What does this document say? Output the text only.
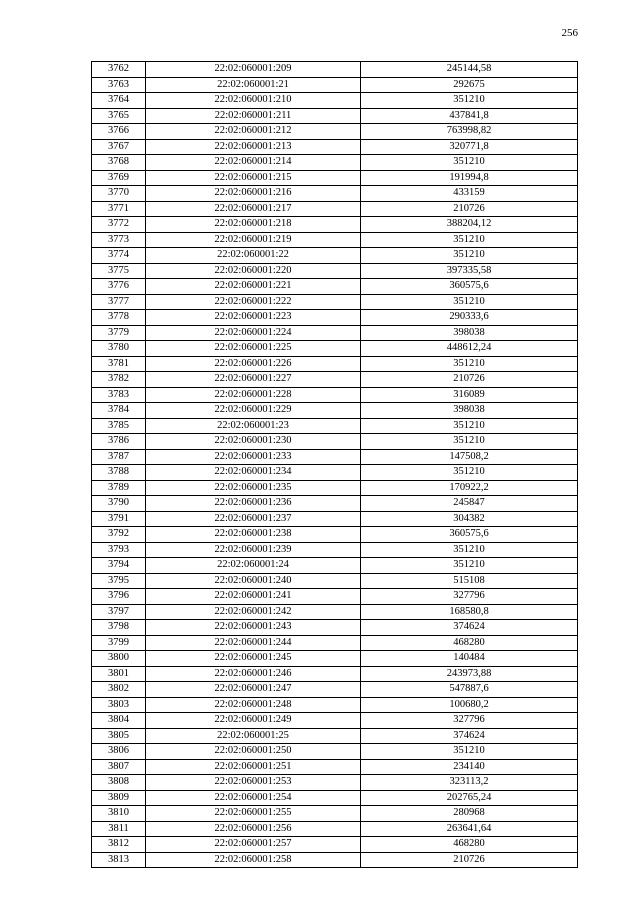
256
3762	22:02:060001:209	245144,58
3763	22:02:060001:21	292675
3764	22:02:060001:210	351210
3765	22:02:060001:211	437841,8
3766	22:02:060001:212	763998,82
3767	22:02:060001:213	320771,8
3768	22:02:060001:214	351210
3769	22:02:060001:215	191994,8
3770	22:02:060001:216	433159
3771	22:02:060001:217	210726
3772	22:02:060001:218	388204,12
3773	22:02:060001:219	351210
3774	22:02:060001:22	351210
3775	22:02:060001:220	397335,58
3776	22:02:060001:221	360575,6
3777	22:02:060001:222	351210
3778	22:02:060001:223	290333,6
3779	22:02:060001:224	398038
3780	22:02:060001:225	448612,24
3781	22:02:060001:226	351210
3782	22:02:060001:227	210726
3783	22:02:060001:228	316089
3784	22:02:060001:229	398038
3785	22:02:060001:23	351210
3786	22:02:060001:230	351210
3787	22:02:060001:233	147508,2
3788	22:02:060001:234	351210
3789	22:02:060001:235	170922,2
3790	22:02:060001:236	245847
3791	22:02:060001:237	304382
3792	22:02:060001:238	360575,6
3793	22:02:060001:239	351210
3794	22:02:060001:24	351210
3795	22:02:060001:240	515108
3796	22:02:060001:241	327796
3797	22:02:060001:242	168580,8
3798	22:02:060001:243	374624
3799	22:02:060001:244	468280
3800	22:02:060001:245	140484
3801	22:02:060001:246	243973,88
3802	22:02:060001:247	547887,6
3803	22:02:060001:248	100680,2
3804	22:02:060001:249	327796
3805	22:02:060001:25	374624
3806	22:02:060001:250	351210
3807	22:02:060001:251	234140
3808	22:02:060001:253	323113,2
3809	22:02:060001:254	202765,24
3810	22:02:060001:255	280968
3811	22:02:060001:256	263641,64
3812	22:02:060001:257	468280
3813	22:02:060001:258	210726
